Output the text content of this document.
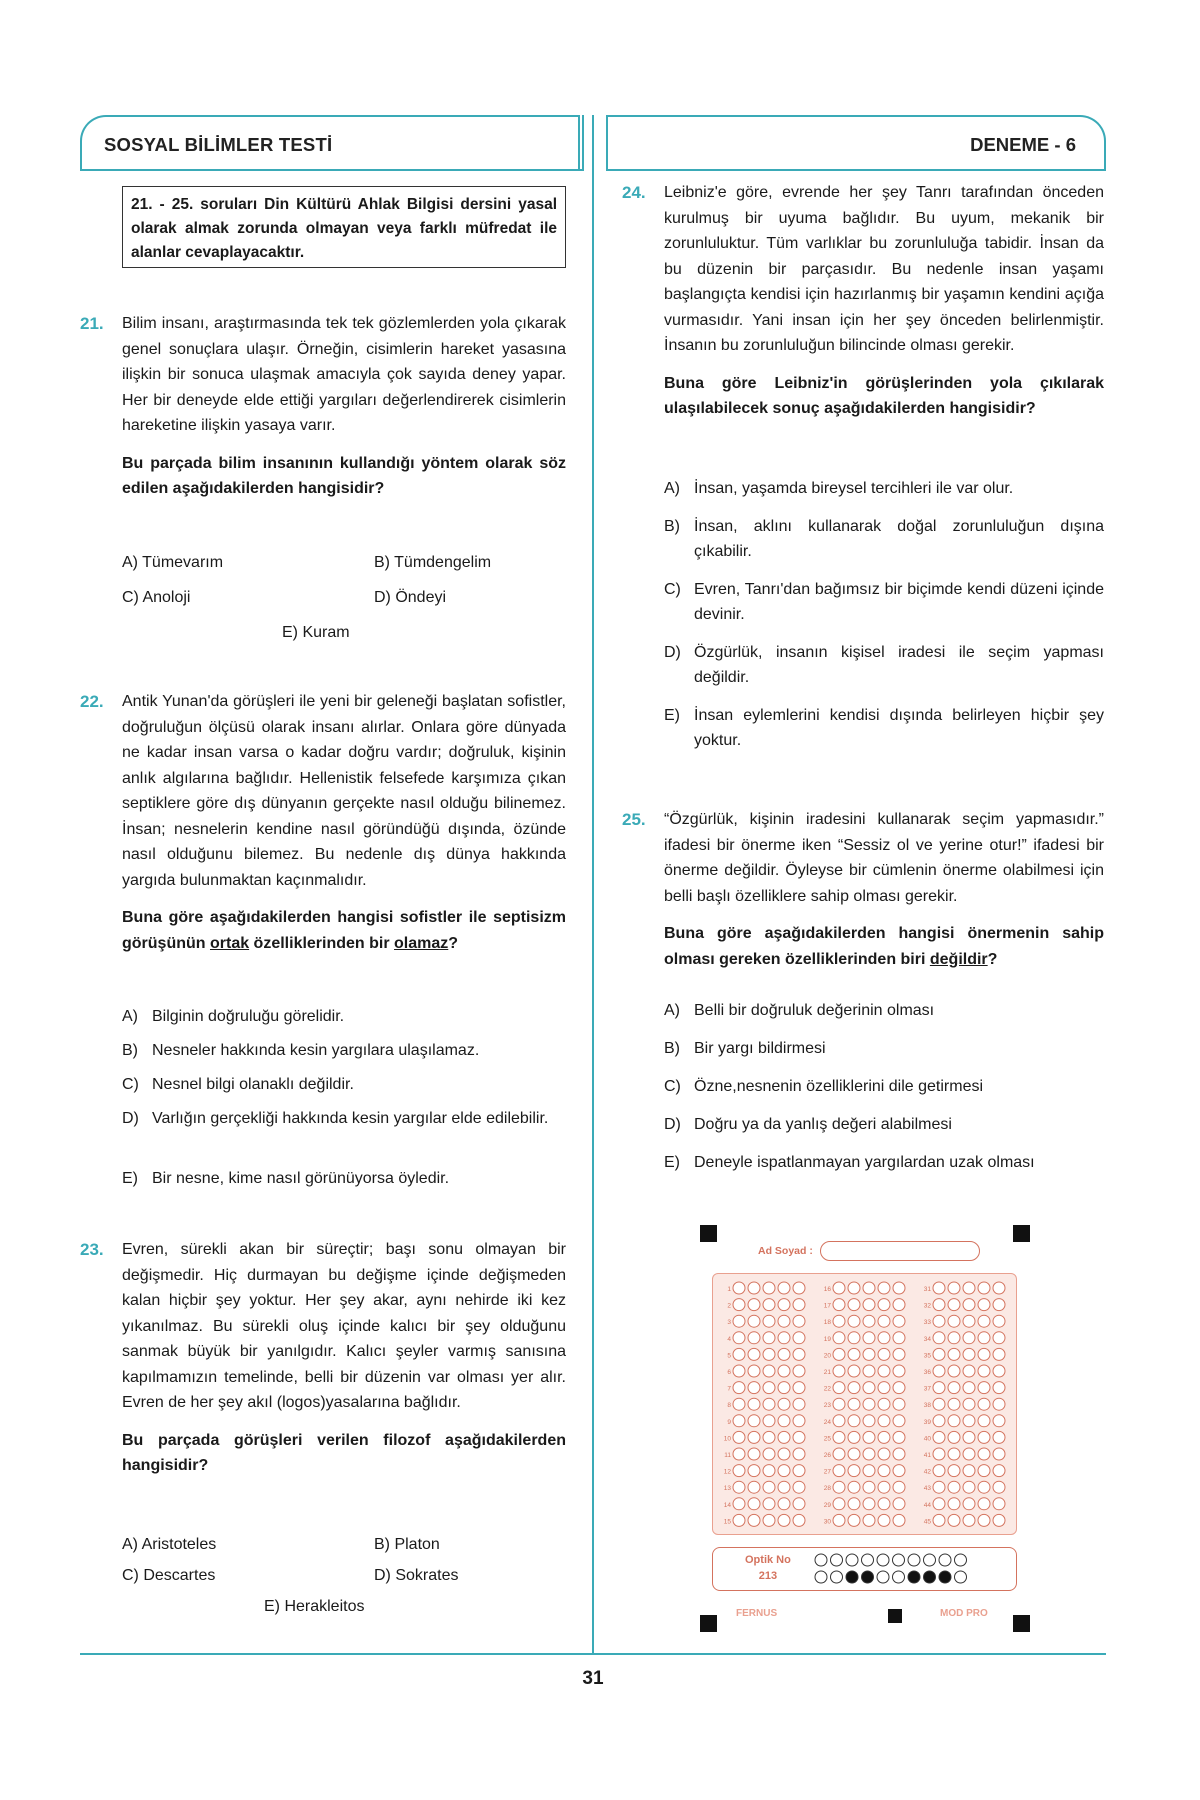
SOSYAL BİLİMLER TESTİ	DENEME - 6
21. - 25. soruları Din Kültürü Ahlak Bilgisi dersini yasal olarak almak zorunda olmayan veya farklı müfredat ile alanlar cevaplayacaktır.
21. Bilim insanı, araştırmasında tek tek gözlemlerden yola çıkarak genel sonuçlara ulaşır. Örneğin, cisimlerin hareket yasasına ilişkin bir sonuca ulaşmak amacıyla çok sayıda deney yapar. Her bir deneyde elde ettiği yargıları değerlendirerek cisimlerin hareketine ilişkin yasaya varır.
Bu parçada bilim insanının kullandığı yöntem olarak söz edilen aşağıdakilerden hangisidir?
A) Tümevarım	B) Tümdengelim
C) Anoloji	D) Öndeyi
E) Kuram
22. Antik Yunan'da görüşleri ile yeni bir geleneği başlatan sofistler, doğruluğun ölçüsü olarak insanı alırlar. Onlara göre dünyada ne kadar insan varsa o kadar doğru vardır; doğruluk, kişinin anlık algılarına bağlıdır. Hellenistik felsefede karşımıza çıkan septiklere göre dış dünyanın gerçekte nasıl olduğu bilinemez. İnsan; nesnelerin kendine nasıl göründüğü dışında, özünde nasıl olduğunu bilemez. Bu nedenle dış dünya hakkında yargıda bulunmaktan kaçınmalıdır.
Buna göre aşağıdakilerden hangisi sofistler ile septisizm görüşünün ortak özelliklerinden bir olamaz?
A) Bilginin doğruluğu görelidir.
B) Nesneler hakkında kesin yargılara ulaşılamaz.
C) Nesnel bilgi olanaklı değildir.
D) Varlığın gerçekliği hakkında kesin yargılar elde edilebilir.
E) Bir nesne, kime nasıl görünüyorsa öyledir.
23. Evren, sürekli akan bir süreçtir; başı sonu olmayan bir değişmedir. Hiç durmayan bu değişme içinde değişmeden kalan hiçbir şey yoktur. Her şey akar, aynı nehirde iki kez yıkanılmaz. Bu sürekli oluş içinde kalıcı bir şey olduğunu sanmak büyük bir yanılgıdır. Kalıcı şeyler varmış sanısına kapılmamızın temelinde, belli bir düzenin var olması yer alır. Evren de her şey akıl (logos)yasalarına bağlıdır.
Bu parçada görüşleri verilen filozof aşağıdakilerden hangisidir?
A) Aristoteles	B) Platon
C) Descartes	D) Sokrates
E) Herakleitos
24. Leibniz'e göre, evrende her şey Tanrı tarafından önceden kurulmuş bir uyuma bağlıdır. Bu uyum, mekanik bir zorunluluktur. Tüm varlıklar bu zorunluluğa tabidir. İnsan da bu düzenin bir parçasıdır. Bu nedenle insan yaşamı başlangıçta kendisi için hazırlanmış bir yaşamın kendini açığa vurmasıdır. Yani insan için her şey önceden belirlenmiştir. İnsanın bu zorunluluğun bilincinde olması gerekir.
Buna göre Leibniz'in görüşlerinden yola çıkılarak ulaşılabilecek sonuç aşağıdakilerden hangisidir?
A) İnsan, yaşamda bireysel tercihleri ile var olur.
B) İnsan, aklını kullanarak doğal zorunluluğun dışına çıkabilir.
C) Evren, Tanrı'dan bağımsız bir biçimde kendi düzeni içinde devinir.
D) Özgürlük, insanın kişisel iradesi ile seçim yapması değildir.
E) İnsan eylemlerini kendisi dışında belirleyen hiçbir şey yoktur.
25. “Özgürlük, kişinin iradesini kullanarak seçim yapmasıdır.” ifadesi bir önerme iken “Sessiz ol ve yerine otur!” ifadesi bir önerme değildir. Öyleyse bir cümlenin önerme olabilmesi için belli başlı özelliklere sahip olması gerekir.
Buna göre aşağıdakilerden hangisi önermenin sahip olması gereken özelliklerinden biri değildir?
A) Belli bir doğruluk değerinin olması
B) Bir yargı bildirmesi
C) Özne,nesnenin özelliklerini dile getirmesi
D) Doğru ya da yanlış değeri alabilmesi
E) Deneyle ispatlanmayan yargılardan uzak olması
Ad Soyad :
1
2
3
4
5
6
7
8
9
10
11
12
13
14
15
16
17
18
19
20
21
22
23
24
25
26
27
28
29
30
31
32
33
34
35
36
37
38
39
40
41
42
43
44
45
Optik No
213
FERNUS	MOD PRO
31
